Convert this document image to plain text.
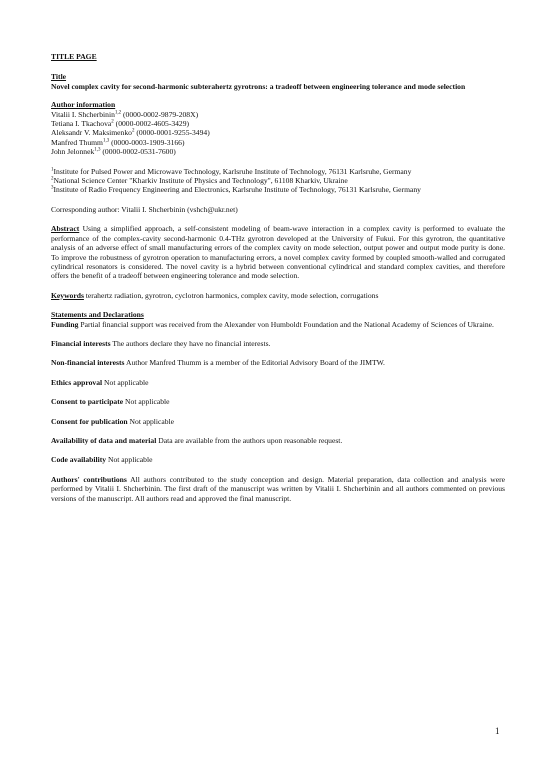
TITLE PAGE

Title

Novel complex cavity for second-harmonic subterahertz gyrotrons: a tradeoff between engineering tolerance and mode selection

Author information

Vitalii I. Shcherbinin$^{1,2}$ (0000-0002-9879-208X)
Tetiana I. Tkachova$^2$ (0000-0002-4605-3429)
Aleksandr V. Maksimenko$^2$ (0000-0001-9255-3494)
Manfred Thumm$^{1,3}$ (0000-0003-1909-3166)
John Jelonnek$^{1,3}$ (0000-0002-0531-7600)
$^1$Institute for Pulsed Power and Microwave Technology, Karlsruhe Institute of Technology, 76131 Karlsruhe, Germany
$^2$National Science Center "Kharkiv Institute of Physics and Technology", 61108 Kharkiv, Ukraine
$^3$Institute of Radio Frequency Engineering and Electronics, Karlsruhe Institute of Technology, 76131 Karlsruhe, Germany

Corresponding author: Vitalii I. Shcherbinin (vshch@ukr.net)

Abstract Using a simplified approach, a self-consistent modeling of beam-wave interaction in a complex cavity is performed to evaluate the performance of the complex-cavity second-harmonic 0.4-THz gyrotron developed at the University of Fukui. For this gyrotron, the quantitative analysis of an adverse effect of small manufacturing errors of the complex cavity on mode selection, output power and output mode purity is done. To improve the robustness of gyrotron operation to manufacturing errors, a novel complex cavity formed by coupled smooth-walled and corrugated cylindrical resonators is considered. The novel cavity is a hybrid between conventional cylindrical and standard complex cavities, and therefore offers the benefit of a tradeoff between engineering tolerance and mode selection.

Keywords terahertz radiation, gyrotron, cyclotron harmonics, complex cavity, mode selection, corrugations

Statements and Declarations

Funding Partial financial support was received from the Alexander von Humboldt Foundation and the National Academy of Sciences of Ukraine.

Financial interests The authors declare they have no financial interests.

Non-financial interests Author Manfred Thumm is a member of the Editorial Advisory Board of the JIMTW.

Ethics approval Not applicable

Consent to participate Not applicable

Consent for publication Not applicable

Availability of data and material Data are available from the authors upon reasonable request.

Code availability Not applicable

Authors' contributions All authors contributed to the study conception and design. Material preparation, data collection and analysis were performed by Vitalii I. Shcherbinin. The first draft of the manuscript was written by Vitalii I. Shcherbinin and all authors commented on previous versions of the manuscript. All authors read and approved the final manuscript.

1
